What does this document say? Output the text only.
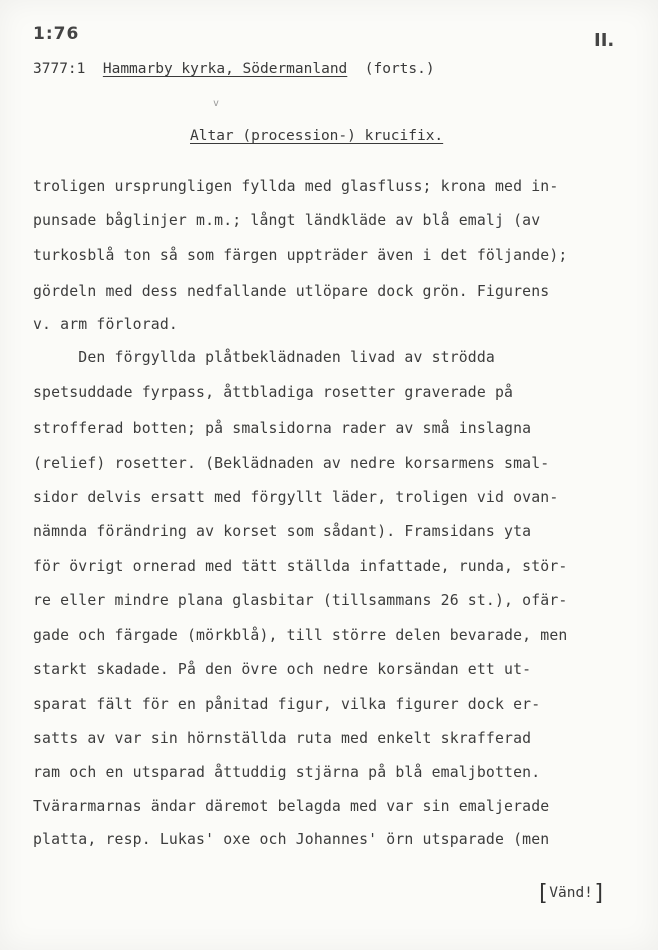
1:76	II.
3777:1 Hammarby kyrka, Södermanland (forts.)
v
Altar (procession-) krucifix.
troligen ursprungligen fyllda med glasfluss; krona med in-
punsade båglinjer m.m.; långt ländkläde av blå emalj (av
turkosblå ton så som färgen uppträder även i det följande);
gördeln med dess nedfallande utlöpare dock grön. Figurens
v. arm förlorad.
Den förgyllda plåtbeklädnaden livad av strödda
spetsuddade fyrpass, åttbladiga rosetter graverade på
strofferad botten; på smalsidorna rader av små inslagna
(relief) rosetter. (Beklädnaden av nedre korsarmens smal-
sidor delvis ersatt med förgyllt läder, troligen vid ovan-
nämnda förändring av korset som sådant). Framsidans yta
för övrigt ornerad med tätt ställda infattade, runda, stör-
re eller mindre plana glasbitar (tillsammans 26 st.), ofär-
gade och färgade (mörkblå), till större delen bevarade, men
starkt skadade. På den övre och nedre korsändan ett ut-
sparat fält för en pånitad figur, vilka figurer dock er-
satts av var sin hörnställda ruta med enkelt skrafferad
ram och en utsparad åttuddig stjärna på blå emaljbotten.
Tvärarmarnas ändar däremot belagda med var sin emaljerade
platta, resp. Lukas' oxe och Johannes' örn utsparade (men
[Vänd!]
